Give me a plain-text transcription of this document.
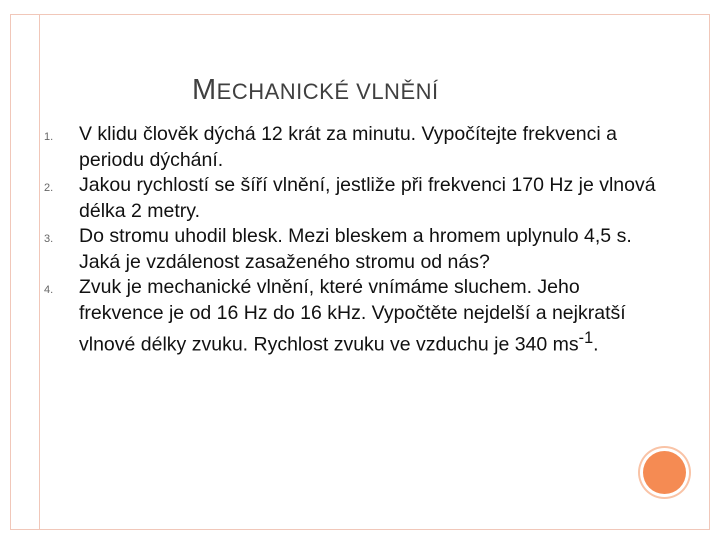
MECHANICKÉ VLNĚNÍ
1. V klidu člověk dýchá 12 krát za minutu. Vypočítejte frekvenci a periodu dýchání.
2. Jakou rychlostí se šíří vlnění, jestliže při frekvenci 170 Hz je vlnová délka 2 metry.
3. Do stromu uhodil blesk. Mezi bleskem a hromem uplynulo 4,5 s. Jaká je vzdálenost zasaženého stromu od nás?
4. Zvuk je mechanické vlnění, které vnímáme sluchem. Jeho frekvence je od 16 Hz do 16 kHz. Vypočtěte nejdelší a nejkratší vlnové délky zvuku. Rychlost zvuku ve vzduchu je 340 $ms^{-1}$.
